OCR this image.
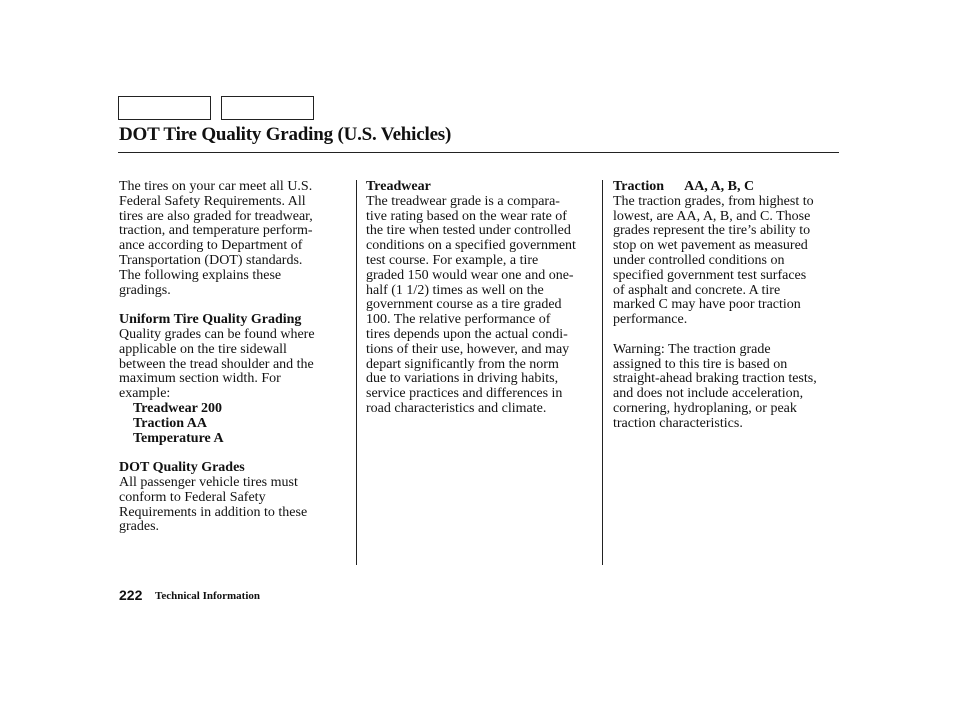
DOT Tire Quality Grading (U.S. Vehicles)
The tires on your car meet all U.S.
Federal Safety Requirements. All
tires are also graded for treadwear,
traction, and temperature perform-
ance according to Department of
Transportation (DOT) standards.
The following explains these
gradings.
Uniform Tire Quality Grading
Quality grades can be found where
applicable on the tire sidewall
between the tread shoulder and the
maximum section width. For
example:
Treadwear 200
Traction AA
Temperature A
DOT Quality Grades
All passenger vehicle tires must
conform to Federal Safety
Requirements in addition to these
grades.
Treadwear
The treadwear grade is a compara-
tive rating based on the wear rate of
the tire when tested under controlled
conditions on a specified government
test course. For example, a tire
graded 150 would wear one and one-
half (1 1/2) times as well on the
government course as a tire graded
100. The relative performance of
tires depends upon the actual condi-
tions of their use, however, and may
depart significantly from the norm
due to variations in driving habits,
service practices and differences in
road characteristics and climate.
Traction AA, A, B, C
The traction grades, from highest to
lowest, are AA, A, B, and C. Those
grades represent the tire’s ability to
stop on wet pavement as measured
under controlled conditions on
specified government test surfaces
of asphalt and concrete. A tire
marked C may have poor traction
performance.
Warning: The traction grade
assigned to this tire is based on
straight-ahead braking traction tests,
and does not include acceleration,
cornering, hydroplaning, or peak
traction characteristics.
222 Technical Information
